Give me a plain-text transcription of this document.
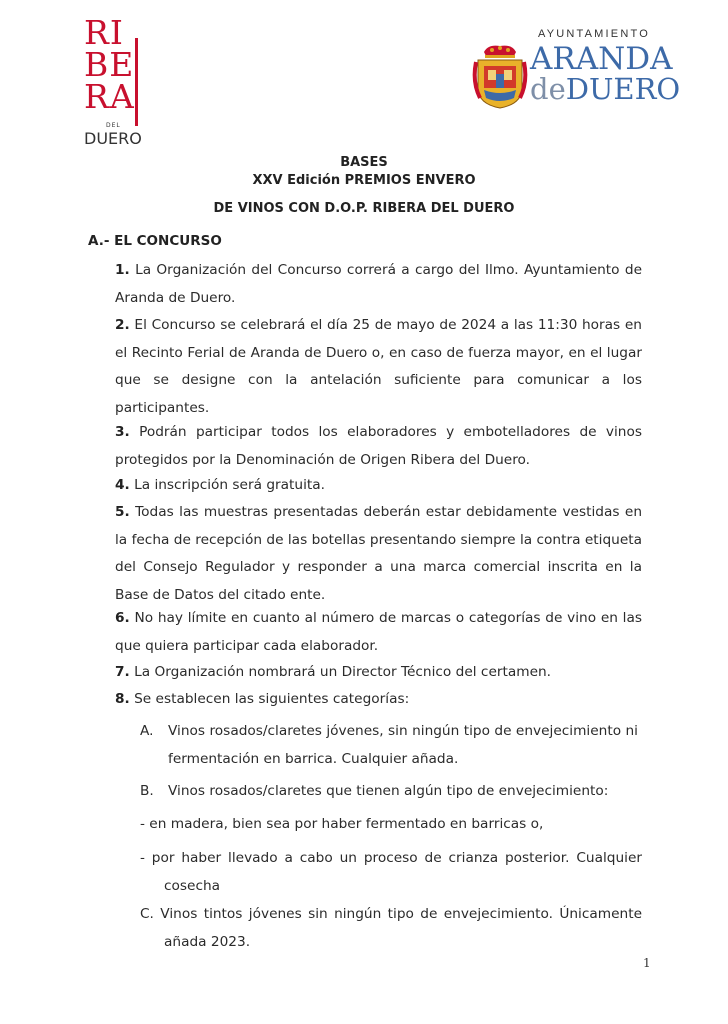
RI
BE
RA
DEL
DUERO
AYUNTAMIENTO
ARANDA
deDUERO
BASES
XXV Edición PREMIOS ENVERO
DE VINOS CON D.O.P. RIBERA DEL DUERO
A.- EL CONCURSO
1. La Organización del Concurso correrá a cargo del Ilmo. Ayuntamiento de Aranda de Duero.
2. El Concurso se celebrará el día 25 de mayo de 2024 a las 11:30 horas en el Recinto Ferial de Aranda de Duero o, en caso de fuerza mayor, en el lugar que se designe con la antelación suficiente para comunicar a los participantes.
3. Podrán participar todos los elaboradores y embotelladores de vinos protegidos por la Denominación de Origen Ribera del Duero.
4. La inscripción será gratuita.
5. Todas las muestras presentadas deberán estar debidamente vestidas en la fecha de recepción de las botellas presentando siempre la contra etiqueta del Consejo Regulador y responder a una marca comercial inscrita en la Base de Datos del citado ente.
6. No hay límite en cuanto al número de marcas o categorías de vino en las que quiera participar cada elaborador.
7. La Organización nombrará un Director Técnico del certamen.
8. Se establecen las siguientes categorías:
A. Vinos rosados/claretes jóvenes, sin ningún tipo de envejecimiento ni fermentación en barrica. Cualquier añada.
B. Vinos rosados/claretes que tienen algún tipo de envejecimiento:
- en madera, bien sea por haber fermentado en barricas o,
- por haber llevado a cabo un proceso de crianza posterior. Cualquier cosecha
C. Vinos tintos jóvenes sin ningún tipo de envejecimiento. Únicamente añada 2023.
1
